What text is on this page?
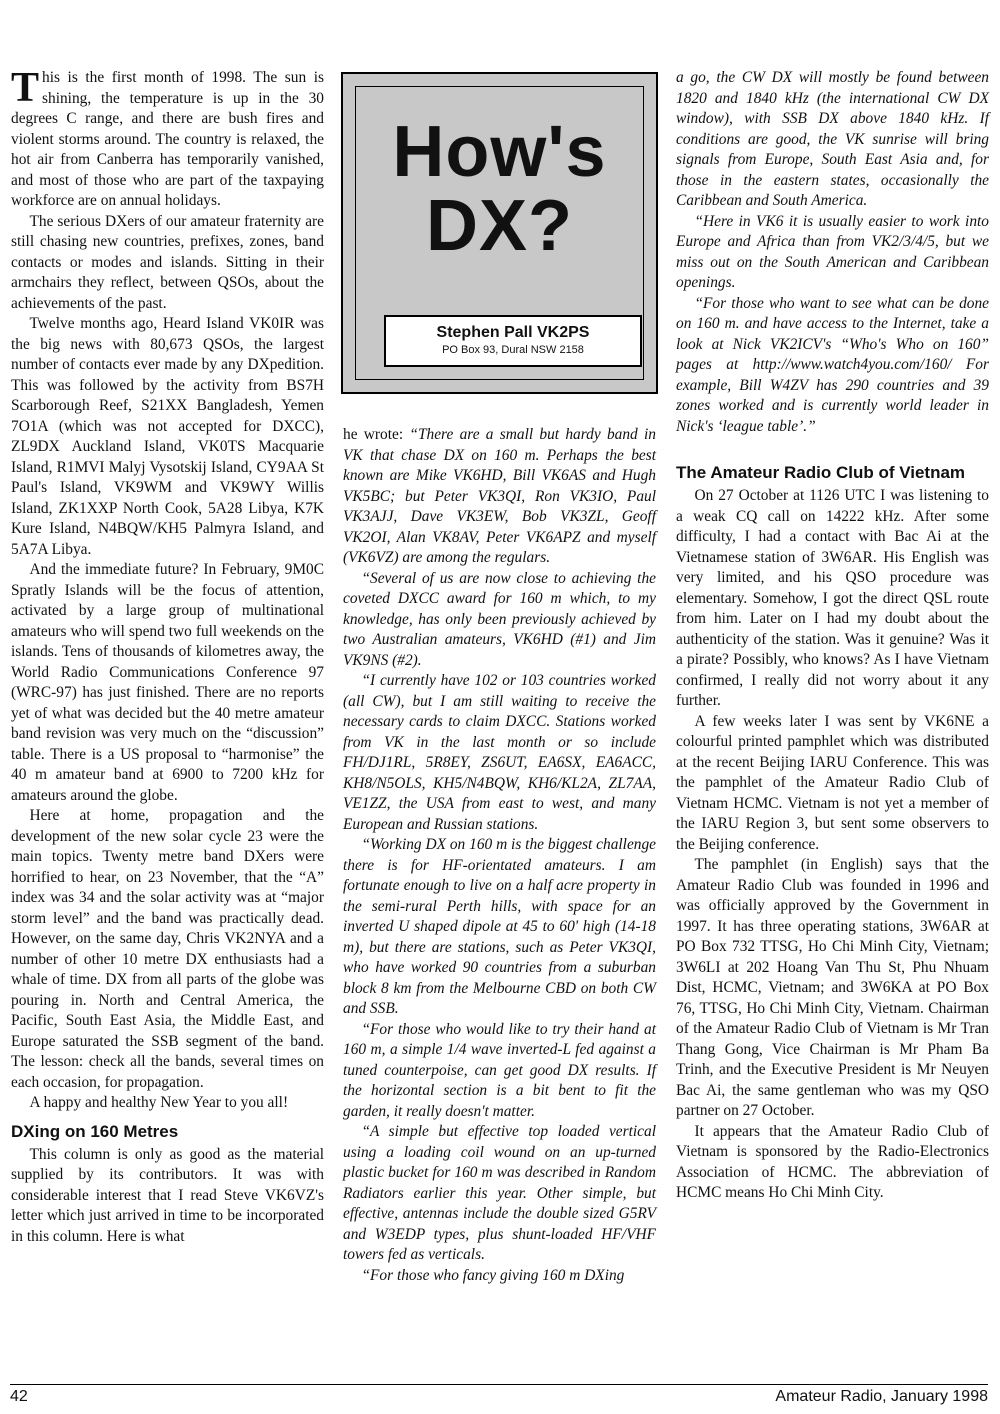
This is the first month of 1998. The sun is shining, the temperature is up in the 30 degrees C range, and there are bush fires and violent storms around. The country is relaxed, the hot air from Canberra has temporarily vanished, and most of those who are part of the taxpaying workforce are on annual holidays.

The serious DXers of our amateur fraternity are still chasing new countries, prefixes, zones, band contacts or modes and islands. Sitting in their armchairs they reflect, between QSOs, about the achievements of the past.

Twelve months ago, Heard Island VK0IR was the big news with 80,673 QSOs, the largest number of contacts ever made by any DXpedition. This was followed by the activity from BS7H Scarborough Reef, S21XX Bangladesh, Yemen 7O1A (which was not accepted for DXCC), ZL9DX Auckland Island, VK0TS Macquarie Island, R1MVI Malyj Vysotskij Island, CY9AA St Paul's Island, VK9WM and VK9WY Willis Island, ZK1XXP North Cook, 5A28 Libya, K7K Kure Island, N4BQW/KH5 Palmyra Island, and 5A7A Libya.

And the immediate future? In February, 9M0C Spratly Islands will be the focus of attention, activated by a large group of multinational amateurs who will spend two full weekends on the islands. Tens of thousands of kilometres away, the World Radio Communications Conference 97 (WRC-97) has just finished. There are no reports yet of what was decided but the 40 metre amateur band revision was very much on the “discussion” table. There is a US proposal to “harmonise” the 40 m amateur band at 6900 to 7200 kHz for amateurs around the globe.

Here at home, propagation and the development of the new solar cycle 23 were the main topics. Twenty metre band DXers were horrified to hear, on 23 November, that the “A” index was 34 and the solar activity was at “major storm level” and the band was practically dead. However, on the same day, Chris VK2NYA and a number of other 10 metre DX enthusiasts had a whale of time. DX from all parts of the globe was pouring in. North and Central America, the Pacific, South East Asia, the Middle East, and Europe saturated the SSB segment of the band. The lesson: check all the bands, several times on each occasion, for propagation.

A happy and healthy New Year to you all!

DXing on 160 Metres

This column is only as good as the material supplied by its contributors. It was with considerable interest that I read Steve VK6VZ's letter which just arrived in time to be incorporated in this column. Here is what

How's DX?
Stephen Pall VK2PS
PO Box 93, Dural NSW 2158

he wrote: “There are a small but hardy band in VK that chase DX on 160 m. Perhaps the best known are Mike VK6HD, Bill VK6AS and Hugh VK5BC; but Peter VK3QI, Ron VK3IO, Paul VK3AJJ, Dave VK3EW, Bob VK3ZL, Geoff VK2OI, Alan VK8AV, Peter VK6APZ and myself (VK6VZ) are among the regulars.

“Several of us are now close to achieving the coveted DXCC award for 160 m which, to my knowledge, has only been previously achieved by two Australian amateurs, VK6HD (#1) and Jim VK9NS (#2).

“I currently have 102 or 103 countries worked (all CW), but I am still waiting to receive the necessary cards to claim DXCC. Stations worked from VK in the last month or so include FH/DJ1RL, 5R8EY, ZS6UT, EA6SX, EA6ACC, KH8/N5OLS, KH5/N4BQW, KH6/KL2A, ZL7AA, VE1ZZ, the USA from east to west, and many European and Russian stations.

“Working DX on 160 m is the biggest challenge there is for HF-orientated amateurs. I am fortunate enough to live on a half acre property in the semi-rural Perth hills, with space for an inverted U shaped dipole at 45 to 60' high (14-18 m), but there are stations, such as Peter VK3QI, who have worked 90 countries from a suburban block 8 km from the Melbourne CBD on both CW and SSB.

“For those who would like to try their hand at 160 m, a simple 1/4 wave inverted-L fed against a tuned counterpoise, can get good DX results. If the horizontal section is a bit bent to fit the garden, it really doesn't matter.

“A simple but effective top loaded vertical using a loading coil wound on an up-turned plastic bucket for 160 m was described in Random Radiators earlier this year. Other simple, but effective, antennas include the double sized G5RV and W3EDP types, plus shunt-loaded HF/VHF towers fed as verticals.

“For those who fancy giving 160 m DXing

a go, the CW DX will mostly be found between 1820 and 1840 kHz (the international CW DX window), with SSB DX above 1840 kHz. If conditions are good, the VK sunrise will bring signals from Europe, South East Asia and, for those in the eastern states, occasionally the Caribbean and South America.

“Here in VK6 it is usually easier to work into Europe and Africa than from VK2/3/4/5, but we miss out on the South American and Caribbean openings.

“For those who want to see what can be done on 160 m. and have access to the Internet, take a look at Nick VK2ICV's “Who's Who on 160” pages at http://www.watch4you.com/160/ For example, Bill W4ZV has 290 countries and 39 zones worked and is currently world leader in Nick's ‘league table’.”

The Amateur Radio Club of Vietnam

On 27 October at 1126 UTC I was listening to a weak CQ call on 14222 kHz. After some difficulty, I had a contact with Bac Ai at the Vietnamese station of 3W6AR. His English was very limited, and his QSO procedure was elementary. Somehow, I got the direct QSL route from him. Later on I had my doubt about the authenticity of the station. Was it genuine? Was it a pirate? Possibly, who knows? As I have Vietnam confirmed, I really did not worry about it any further.

A few weeks later I was sent by VK6NE a colourful printed pamphlet which was distributed at the recent Beijing IARU Conference. This was the pamphlet of the Amateur Radio Club of Vietnam HCMC. Vietnam is not yet a member of the IARU Region 3, but sent some observers to the Beijing conference.

The pamphlet (in English) says that the Amateur Radio Club was founded in 1996 and was officially approved by the Government in 1997. It has three operating stations, 3W6AR at PO Box 732 TTSG, Ho Chi Minh City, Vietnam; 3W6LI at 202 Hoang Van Thu St, Phu Nhuam Dist, HCMC, Vietnam; and 3W6KA at PO Box 76, TTSG, Ho Chi Minh City, Vietnam. Chairman of the Amateur Radio Club of Vietnam is Mr Tran Thang Gong, Vice Chairman is Mr Pham Ba Trinh, and the Executive President is Mr Neuyen Bac Ai, the same gentleman who was my QSO partner on 27 October.

It appears that the Amateur Radio Club of Vietnam is sponsored by the Radio-Electronics Association of HCMC. The abbreviation of HCMC means Ho Chi Minh City.

42	Amateur Radio, January 1998
